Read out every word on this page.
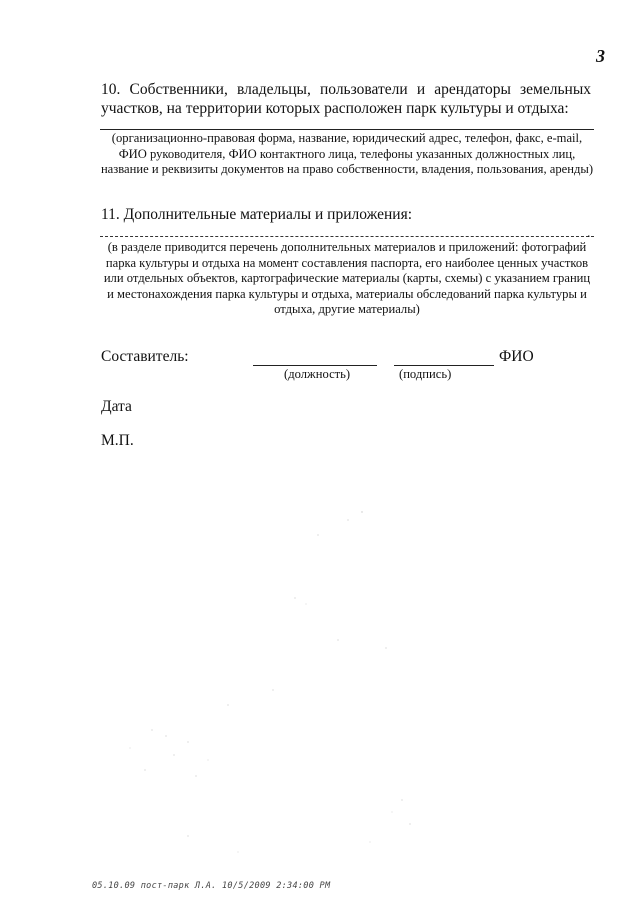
3
10. Собственники, владельцы, пользователи и арендаторы земельных участков, на территории которых расположен парк культуры и отдыха:
(организационно-правовая форма, название, юридический адрес, телефон, факс, e-mail, ФИО руководителя, ФИО контактного лица, телефоны указанных должностных лиц, название и реквизиты документов на право собственности, владения, пользования, аренды)
11. Дополнительные материалы и приложения:
.
(в разделе приводится перечень дополнительных материалов и приложений: фотографий парка культуры и отдыха на момент составления паспорта, его наиболее ценных участков или отдельных объектов, картографические материалы (карты, схемы) с указанием границ и местонахождения парка культуры и отдыха, материалы обследований парка культуры и отдыха, другие материалы)
Составитель:	ФИО
(должность)	(подпись)
Дата
М.П.
05.10.09 пост-парк Л.А. 10/5/2009 2:34:00 PM
